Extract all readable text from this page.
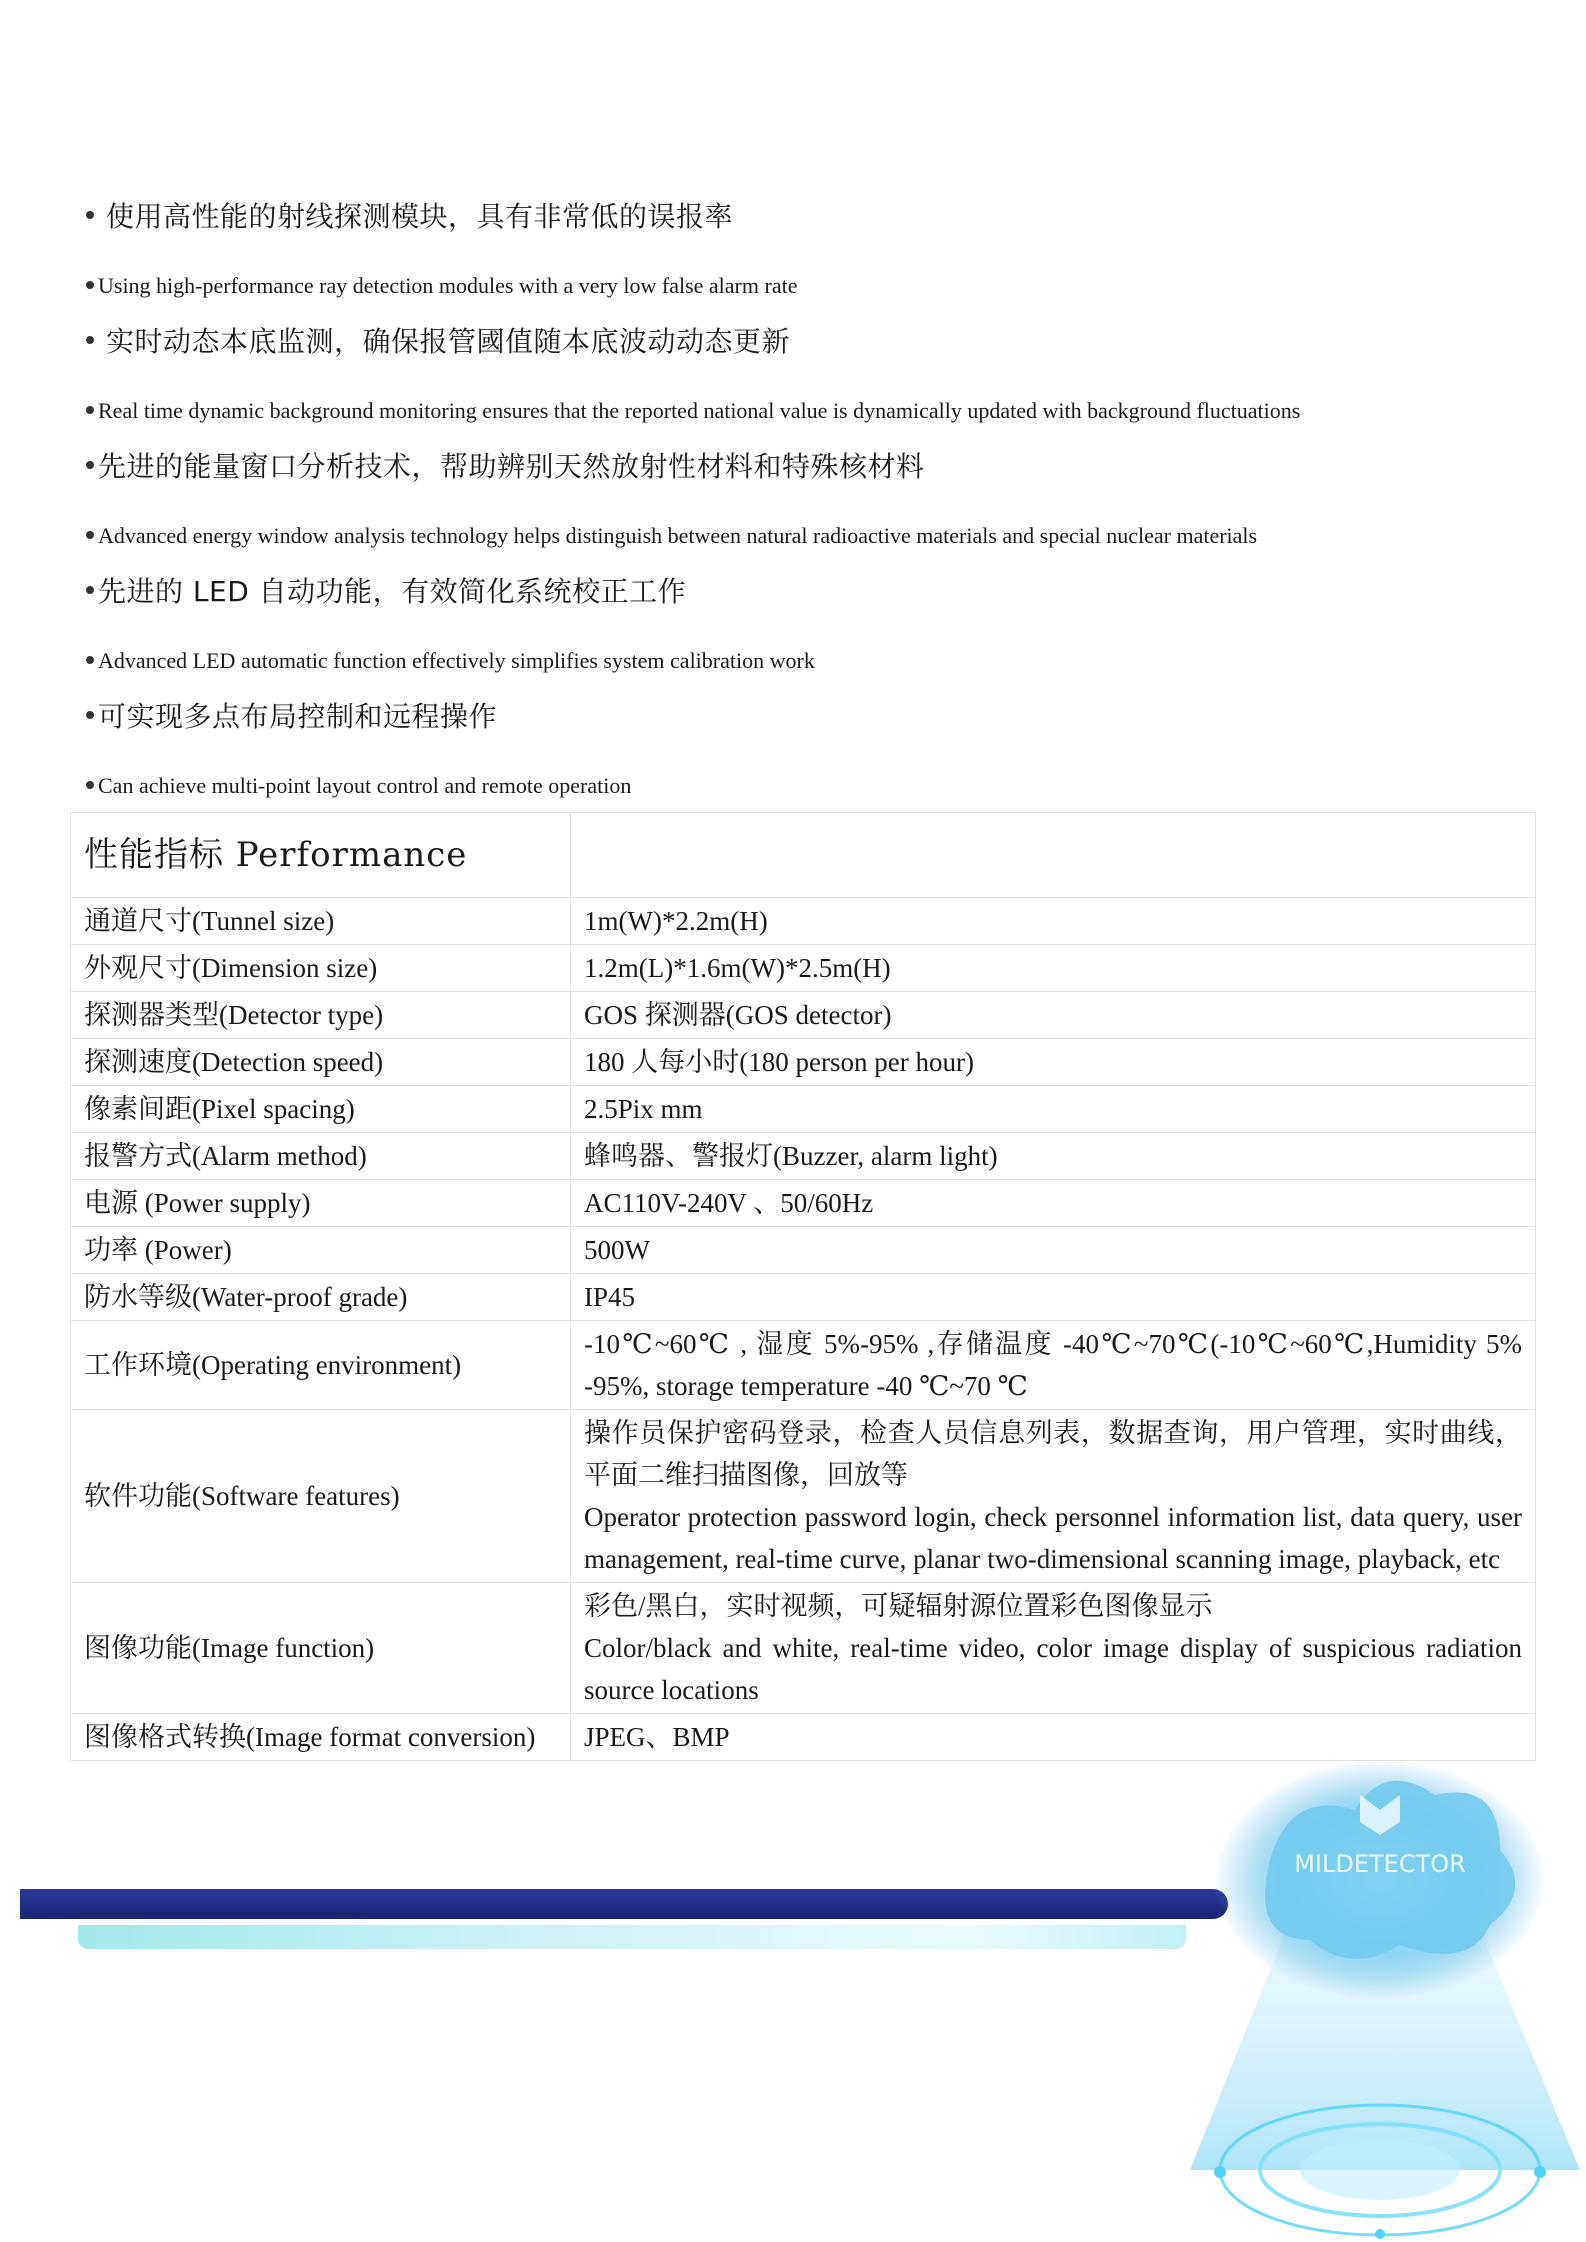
使用高性能的射线探测模块，具有非常低的误报率
Using high-performance ray detection modules with a very low false alarm rate
实时动态本底监测，确保报管國值随本底波动动态更新
Real time dynamic background monitoring ensures that the reported national value is dynamically updated with background fluctuations
先进的能量窗口分析技术，帮助辨别天然放射性材料和特殊核材料
Advanced energy window analysis technology helps distinguish between natural radioactive materials and special nuclear materials
先进的 LED 自动功能，有效简化系统校正工作
Advanced LED automatic function effectively simplifies system calibration work
可实现多点布局控制和远程操作
Can achieve multi-point layout control and remote operation
性能指标 Performance	
通道尺寸(Tunnel size)	1m(W)*2.2m(H)
外观尺寸(Dimension size)	1.2m(L)*1.6m(W)*2.5m(H)
探测器类型(Detector type)	GOS 探测器(GOS detector)
探测速度(Detection speed)	180 人每小时(180 person per hour)
像素间距(Pixel spacing)	2.5Pix mm
报警方式(Alarm method)	蜂鸣器、警报灯(Buzzer, alarm light)
电源 (Power supply)	AC110V-240V 、50/60Hz
功率 (Power)	500W
防水等级(Water-proof grade)	IP45
工作环境(Operating environment)	-10℃~60℃ , 湿度 5%-95% ,存储温度 -40℃~70℃(-10℃~60℃,Humidity 5% -95%, storage temperature -40 ℃~70 ℃
软件功能(Software features)	操作员保护密码登录，检查人员信息列表，数据查询，用户管理，实时曲线，平面二维扫描图像，回放等
Operator protection password login, check personnel information list, data query, user management, real-time curve, planar two-dimensional scanning image, playback, etc

图像功能(Image function)	彩色/黑白，实时视频，可疑辐射源位置彩色图像显示
Color/black and white, real-time video, color image display of suspicious radiation source locations

图像格式转换(Image format conversion)	JPEG、BMP
MILDETECTOR
